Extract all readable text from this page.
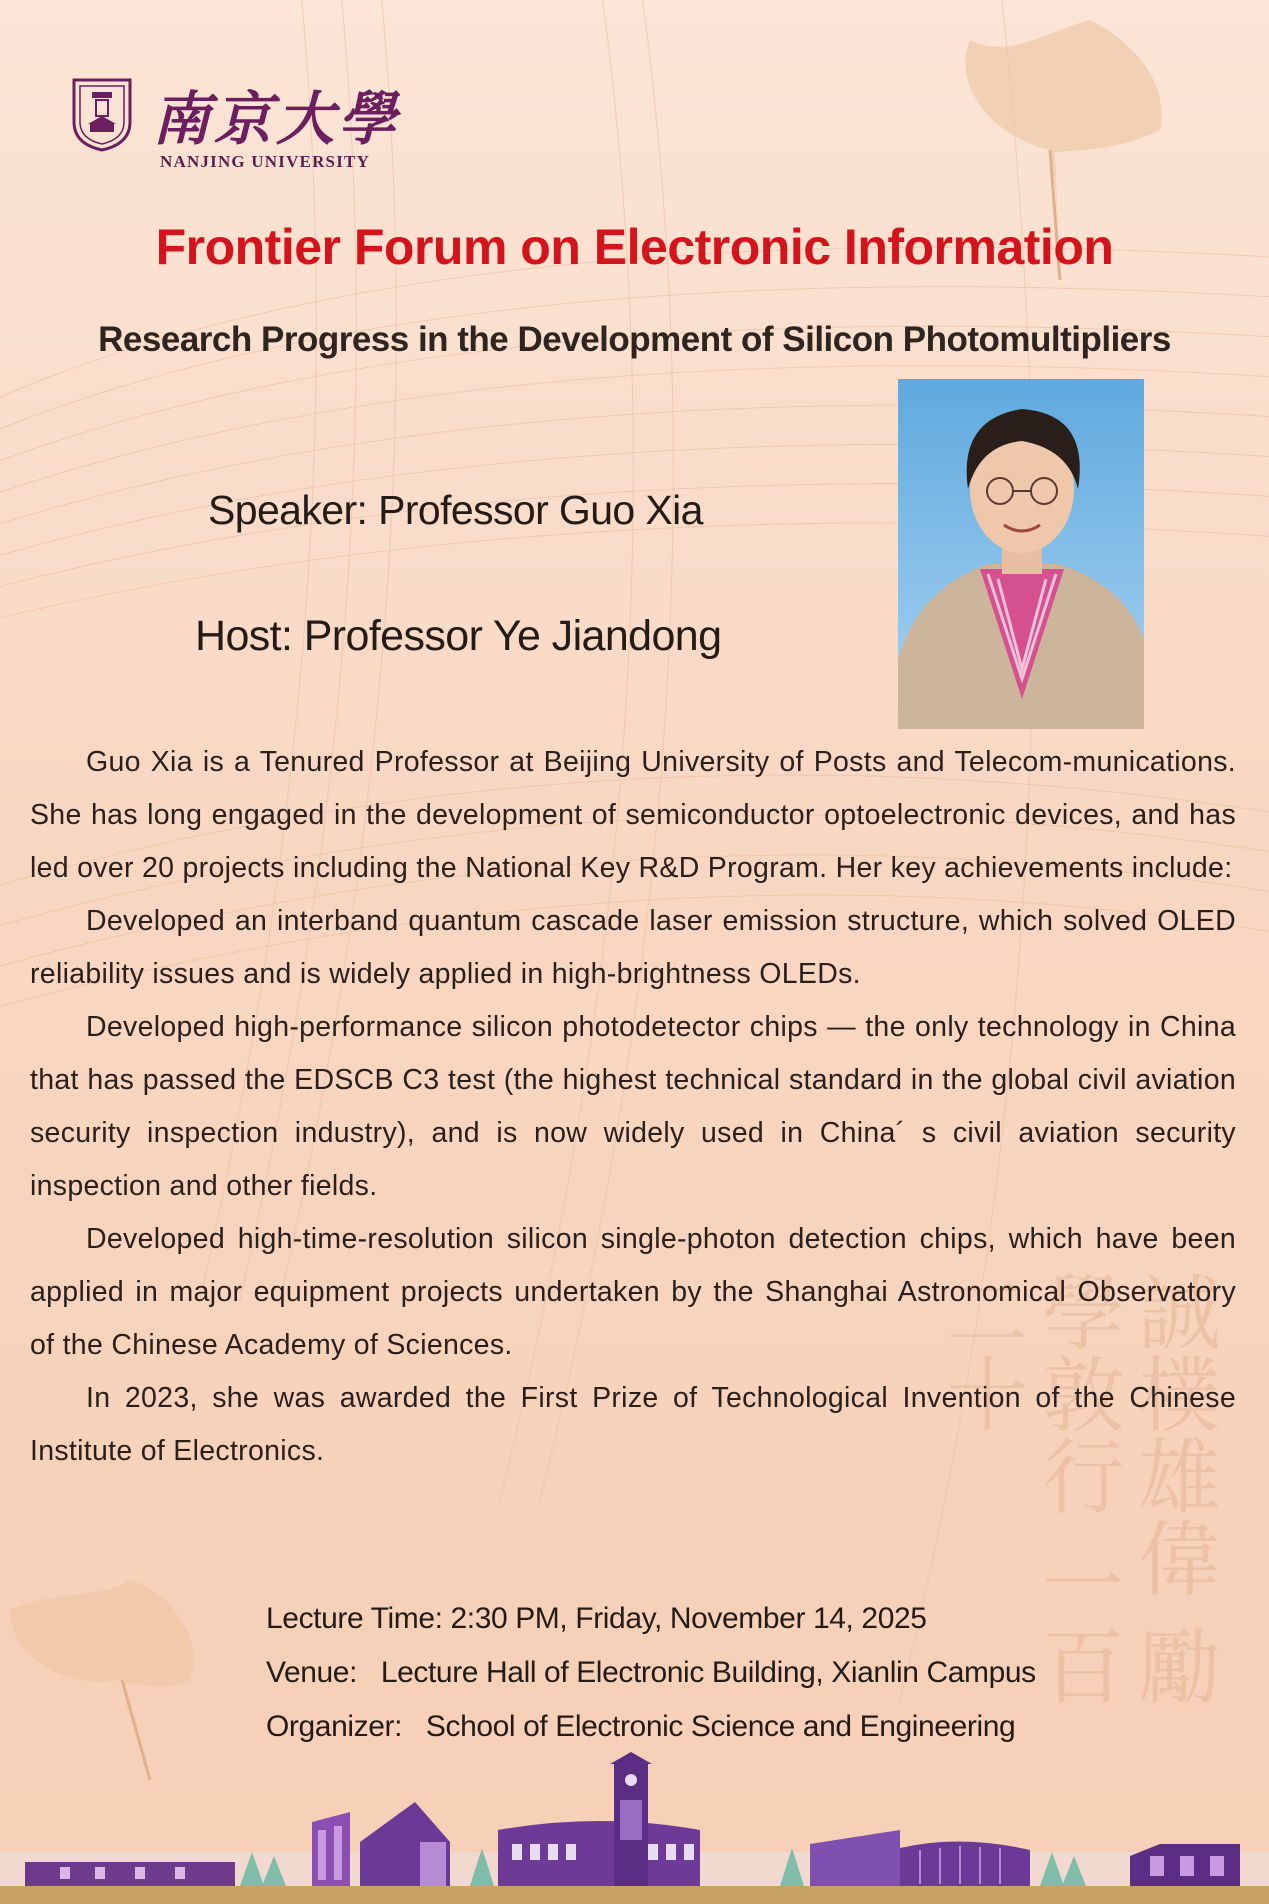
誠樸雄偉 勵學敦行 一百二十
南京大學
NANJING UNIVERSITY
Frontier Forum on Electronic Information
Research Progress in the Development of Silicon Photomultipliers
Speaker: Professor Guo Xia
Host: Professor Ye Jiandong

Guo Xia is a Tenured Professor at Beijing University of Posts and Telecom-munications. She has long engaged in the development of semiconductor optoelectronic devices, and has led over 20 projects including the National Key R&D Program. Her key achievements include:

Developed an interband quantum cascade laser emission structure, which solved OLED reliability issues and is widely applied in high-brightness OLEDs.

Developed high-performance silicon photodetector chips — the only technology in China that has passed the EDSCB C3 test (the highest technical standard in the global civil aviation security inspection industry), and is now widely used in China´ s civil aviation security inspection and other fields.

Developed high-time-resolution silicon single-photon detection chips, which have been applied in major equipment projects undertaken by the Shanghai Astronomical Observatory of the Chinese Academy of Sciences.

In 2023, she was awarded the First Prize of Technological Invention of the Chinese Institute of Electronics.

Lecture Time: 2:30 PM, Friday, November 14, 2025
Venue:   Lecture Hall of Electronic Building, Xianlin Campus
Organizer:   School of Electronic Science and Engineering
